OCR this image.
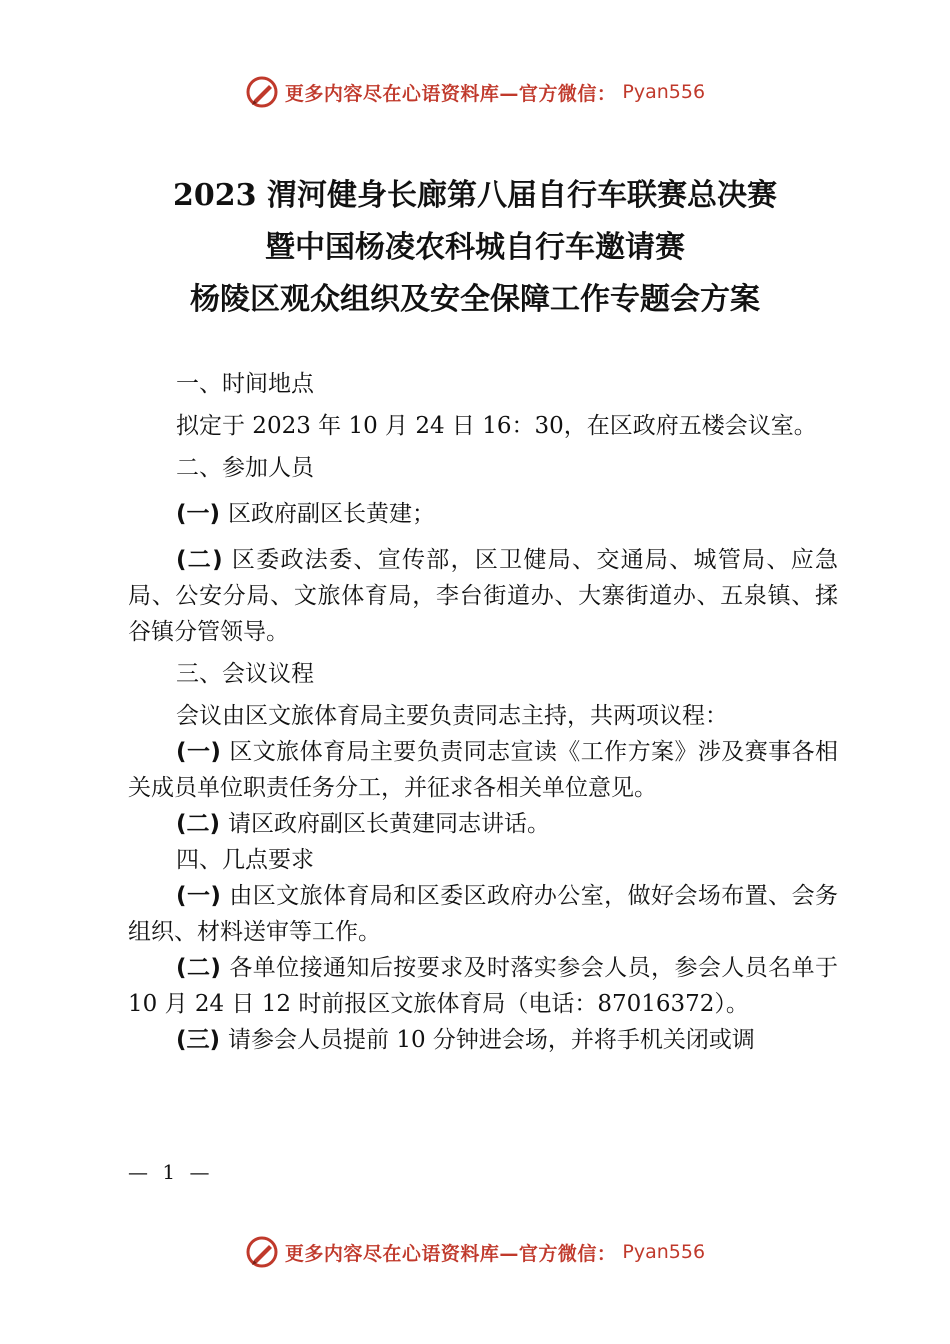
更多内容尽在心语资料库—官方微信： Pyan556
2023 渭河健身长廊第八届自行车联赛总决赛
暨中国杨凌农科城自行车邀请赛
杨陵区观众组织及安全保障工作专题会方案

一、时间地点

拟定于 2023 年 10 月 24 日 16：30，在区政府五楼会议室。

二、参加人员

(一) 区政府副区长黄建；

(二) 区委政法委、宣传部，区卫健局、交通局、城管局、应急局、公安分局、文旅体育局，李台街道办、大寨街道办、五泉镇、揉谷镇分管领导。

三、会议议程

会议由区文旅体育局主要负责同志主持，共两项议程：

(一) 区文旅体育局主要负责同志宣读《工作方案》涉及赛事各相关成员单位职责任务分工，并征求各相关单位意见。

(二) 请区政府副区长黄建同志讲话。

四、几点要求

(一) 由区文旅体育局和区委区政府办公室，做好会场布置、会务组织、材料送审等工作。

(二) 各单位接通知后按要求及时落实参会人员，参会人员名单于 10 月 24 日 12 时前报区文旅体育局（电话：87016372）。

(三) 请参会人员提前 10 分钟进会场，并将手机关闭或调

— 1 —
更多内容尽在心语资料库—官方微信： Pyan556
